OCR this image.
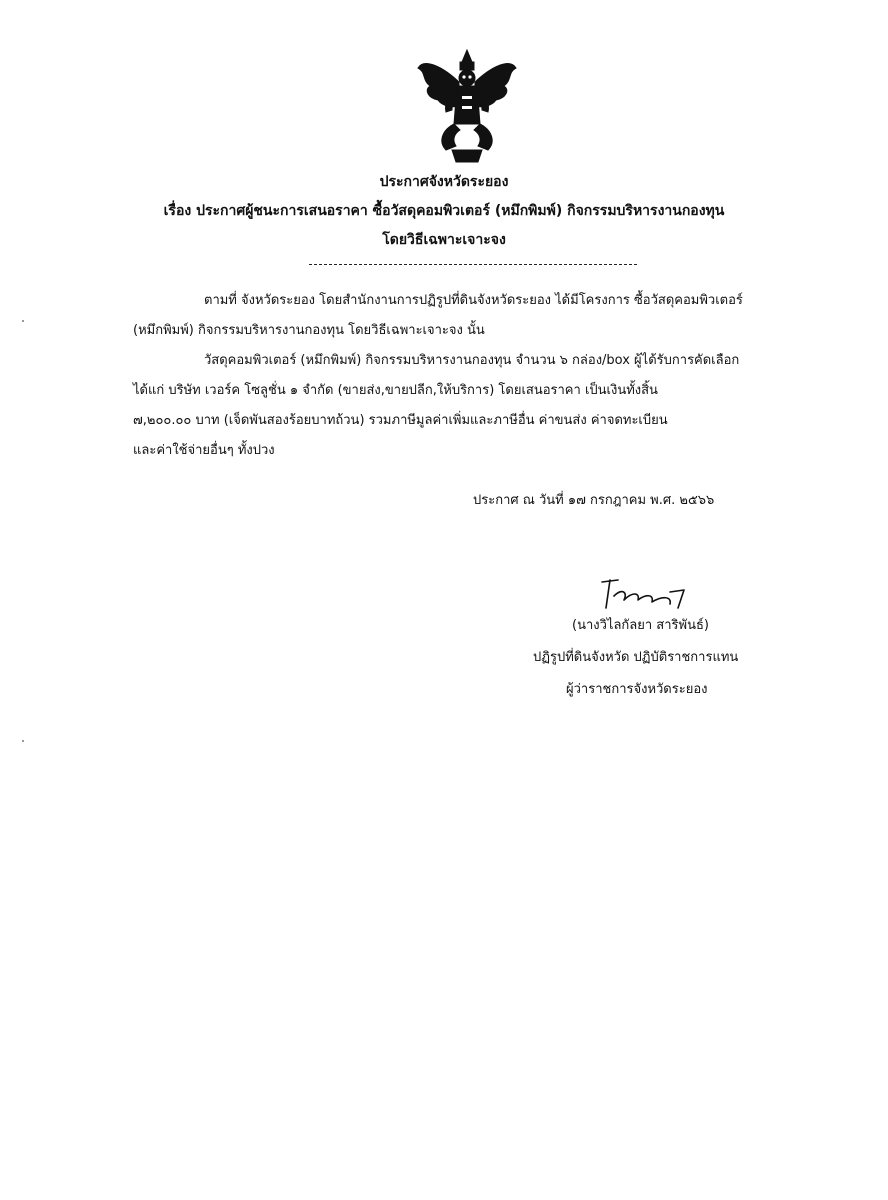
ประกาศจังหวัดระยอง
เรื่อง ประกาศผู้ชนะการเสนอราคา ซื้อวัสดุคอมพิวเตอร์ (หมึกพิมพ์) กิจกรรมบริหารงานกองทุน
โดยวิธีเฉพาะเจาะจง
ตามที่ จังหวัดระยอง โดยสำนักงานการปฏิรูปที่ดินจังหวัดระยอง ได้มีโครงการ ซื้อวัสดุคอมพิวเตอร์
(หมึกพิมพ์) กิจกรรมบริหารงานกองทุน โดยวิธีเฉพาะเจาะจง นั้น
วัสดุคอมพิวเตอร์ (หมึกพิมพ์) กิจกรรมบริหารงานกองทุน จำนวน ๖ กล่อง/box ผู้ได้รับการคัดเลือก
ได้แก่ บริษัท เวอร์ค โซลูชั่น ๑ จำกัด (ขายส่ง,ขายปลีก,ให้บริการ) โดยเสนอราคา เป็นเงินทั้งสิ้น
๗,๒๐๐.๐๐ บาท (เจ็ดพันสองร้อยบาทถ้วน) รวมภาษีมูลค่าเพิ่มและภาษีอื่น ค่าขนส่ง ค่าจดทะเบียน
และค่าใช้จ่ายอื่นๆ ทั้งปวง
ประกาศ ณ วันที่ ๑๗ กรกฎาคม พ.ศ. ๒๕๖๖
(นางวิไลกัลยา สาริพันธ์)
ปฏิรูปที่ดินจังหวัด ปฏิบัติราชการแทน
ผู้ว่าราชการจังหวัดระยอง
